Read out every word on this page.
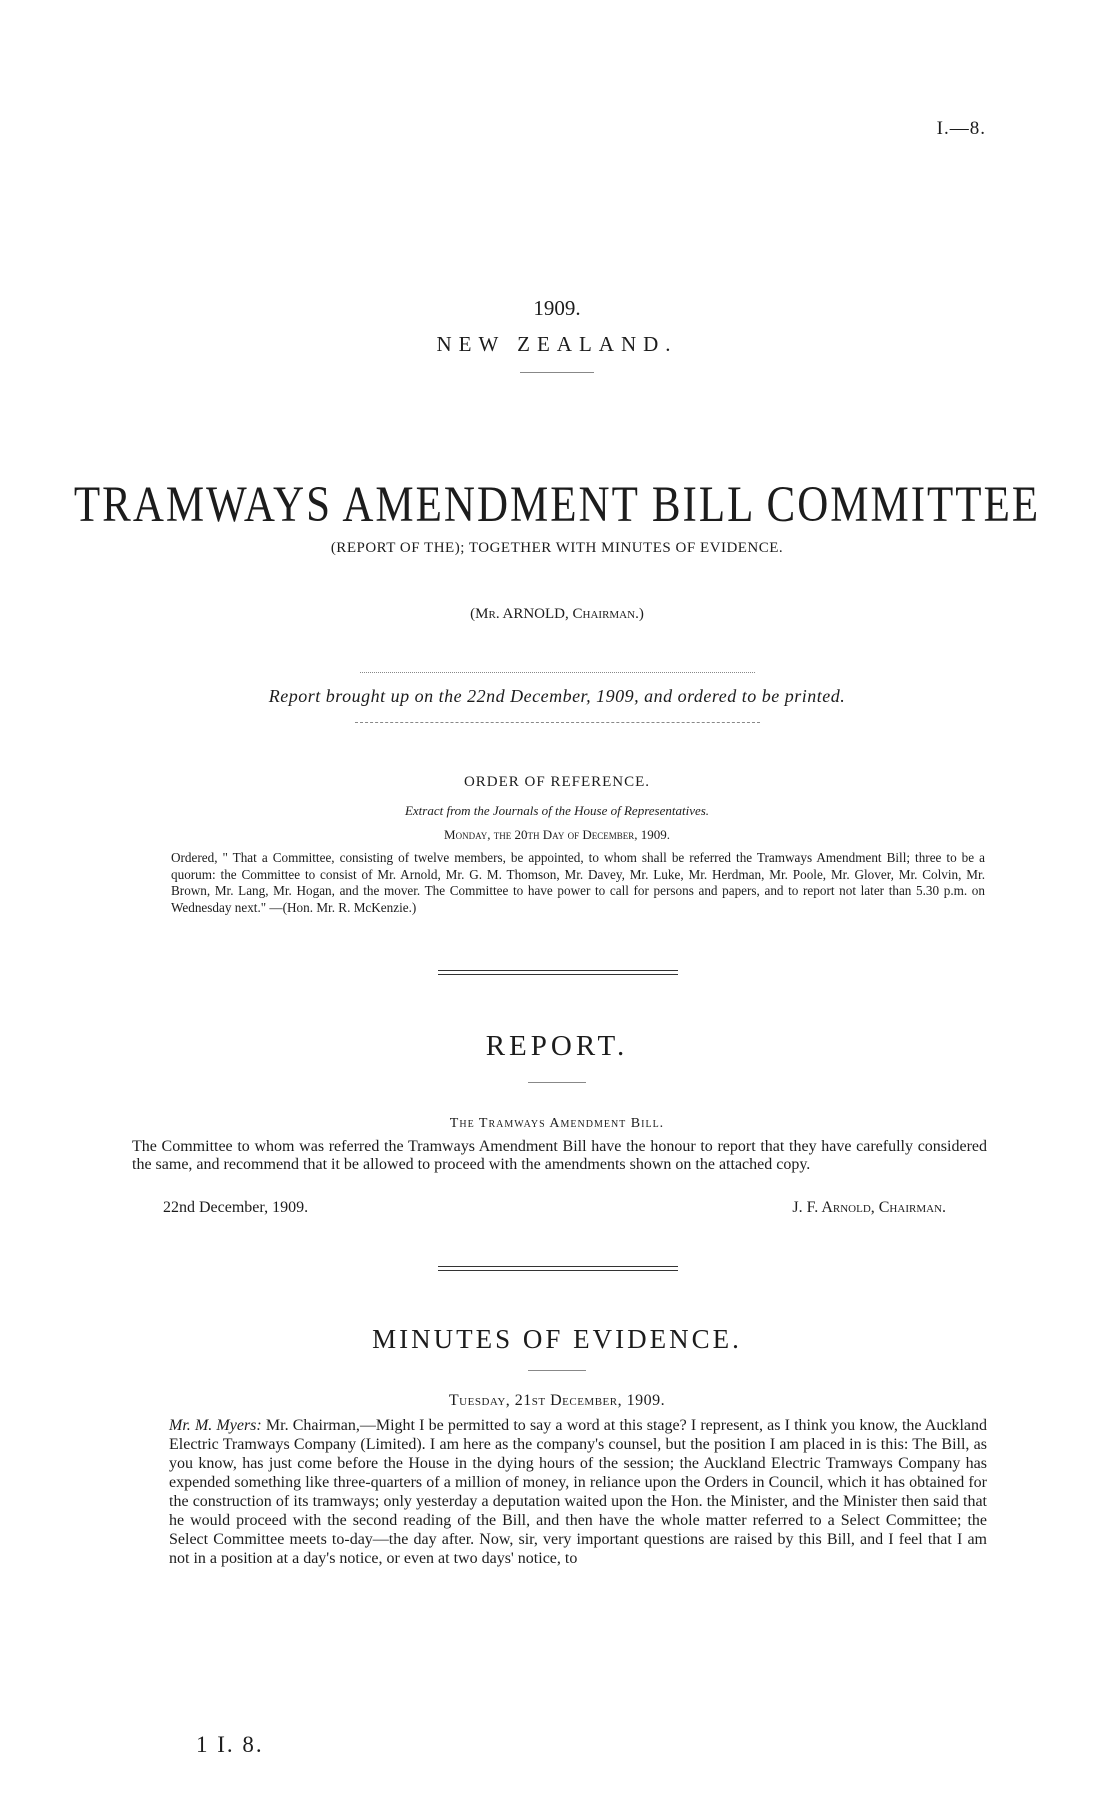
I.—8.
1909.
NEW ZEALAND.
TRAMWAYS AMENDMENT BILL COMMITTEE
(REPORT OF THE); TOGETHER WITH MINUTES OF EVIDENCE.
(Mr. ARNOLD, Chairman.)
Report brought up on the 22nd December, 1909, and ordered to be printed.
ORDER OF REFERENCE.
Extract from the Journals of the House of Representatives.
Monday, the 20th Day of December, 1909.
Ordered, " That a Committee, consisting of twelve members, be appointed, to whom shall be referred the Tramways Amendment Bill; three to be a quorum: the Committee to consist of Mr. Arnold, Mr. G. M. Thomson, Mr. Davey, Mr. Luke, Mr. Herdman, Mr. Poole, Mr. Glover, Mr. Colvin, Mr. Brown, Mr. Lang, Mr. Hogan, and the mover. The Committee to have power to call for persons and papers, and to report not later than 5.30 p.m. on Wednesday next." —(Hon. Mr. R. McKenzie.)
REPORT.
The Tramways Amendment Bill.
The Committee to whom was referred the Tramways Amendment Bill have the honour to report that they have carefully considered the same, and recommend that it be allowed to proceed with the amendments shown on the attached copy.
22nd December, 1909.	J. F. Arnold, Chairman.
MINUTES OF EVIDENCE.
Tuesday, 21st December, 1909.
Mr. M. Myers: Mr. Chairman,—Might I be permitted to say a word at this stage? I represent, as I think you know, the Auckland Electric Tramways Company (Limited). I am here as the company's counsel, but the position I am placed in is this: The Bill, as you know, has just come before the House in the dying hours of the session; the Auckland Electric Tramways Company has expended something like three-quarters of a million of money, in reliance upon the Orders in Council, which it has obtained for the construction of its tramways; only yesterday a deputation waited upon the Hon. the Minister, and the Minister then said that he would proceed with the second reading of the Bill, and then have the whole matter referred to a Select Committee; the Select Committee meets to-day—the day after. Now, sir, very important questions are raised by this Bill, and I feel that I am not in a position at a day's notice, or even at two days' notice, to
1 I. 8.
